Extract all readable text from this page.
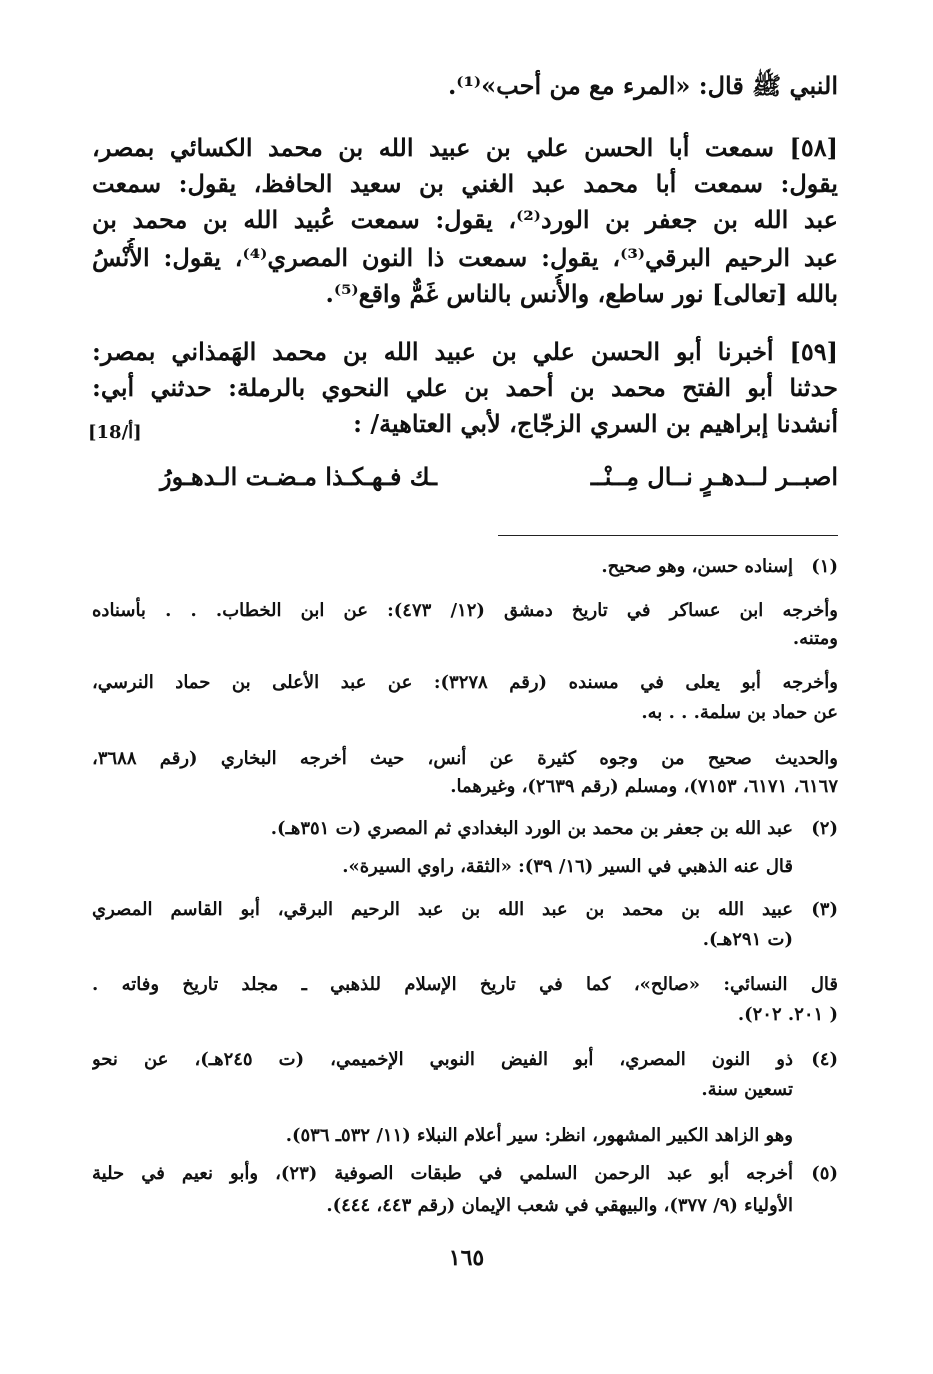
النبي ﷺ قال: «المرء مع من أحب»⁽¹⁾.
[٥٨] سمعت أبا الحسن علي بن عبيد الله بن محمد الكسائي بمصر،
يقول: سمعت أبا محمد عبد الغني بن سعيد الحافظ، يقول: سمعت
عبد الله بن جعفر بن الورد⁽²⁾، يقول: سمعت عُبيد الله بن محمد بن
عبد الرحيم البرقي⁽³⁾، يقول: سمعت ذا النون المصري⁽⁴⁾، يقول: الأُنْسُ
بالله [تعالى] نور ساطع، والأُنس بالناس غَمٌّ واقع⁽⁵⁾.
[٥٩] أخبرنا أبو الحسن علي بن عبيد الله بن محمد الهَمذاني بمصر:
حدثنا أبو الفتح محمد بن أحمد بن علي النحوي بالرملة: حدثني أبي:
أنشدنا إبراهيم بن السري الزجّاج، لأبي العتاهية/ :
[18/أ]
اصبــر لــدهـرٍ نــال مِــنْــ
ـك فـهـكـذا مـضـت الـدهـورُ
(١)
إسناده حسن، وهو صحيح.
وأخرجه ابن عساكر في تاريخ دمشق (١٢/ ٤٧٣): عن ابن الخطاب. . . بأسناده
ومتنه.
وأخرجه أبو يعلى في مسنده (رقم ٣٢٧٨): عن عبد الأعلى بن حماد النرسي،
عن حماد بن سلمة. . . به.
والحديث صحيح من وجوه كثيرة عن أنس، حيث أخرجه البخاري (رقم ٣٦٨٨،
٦١٦٧، ٦١٧١، ٧١٥٣)، ومسلم (رقم ٢٦٣٩)، وغيرهما.
(٢)
عبد الله بن جعفر بن محمد بن الورد البغدادي ثم المصري (ت ٣٥١هـ).
قال عنه الذهبي في السير (١٦/ ٣٩): «الثقة، راوي السيرة».
(٣)
عبيد الله بن محمد بن عبد الله بن عبد الرحيم البرقي، أبو القاسم المصري
(ت ٢٩١هـ).
قال النسائي: «صالح»، كما في تاريخ الإسلام للذهبي ـ مجلد تاريخ وفاته .
( ٢٠١. ٢٠٢).
(٤)
ذو النون المصري، أبو الفيض النوبي الإخميمي، (ت ٢٤٥هـ)، عن نحو
تسعين سنة.
وهو الزاهد الكبير المشهور، انظر: سير أعلام النبلاء (١١/ ٥٣٢ـ ٥٣٦).
(٥)
أخرجه أبو عبد الرحمن السلمي في طبقات الصوفية (٢٣)، وأبو نعيم في حلية
الأولياء (٩/ ٣٧٧)، والبيهقي في شعب الإيمان (رقم ٤٤٣، ٤٤٤).
١٦٥
